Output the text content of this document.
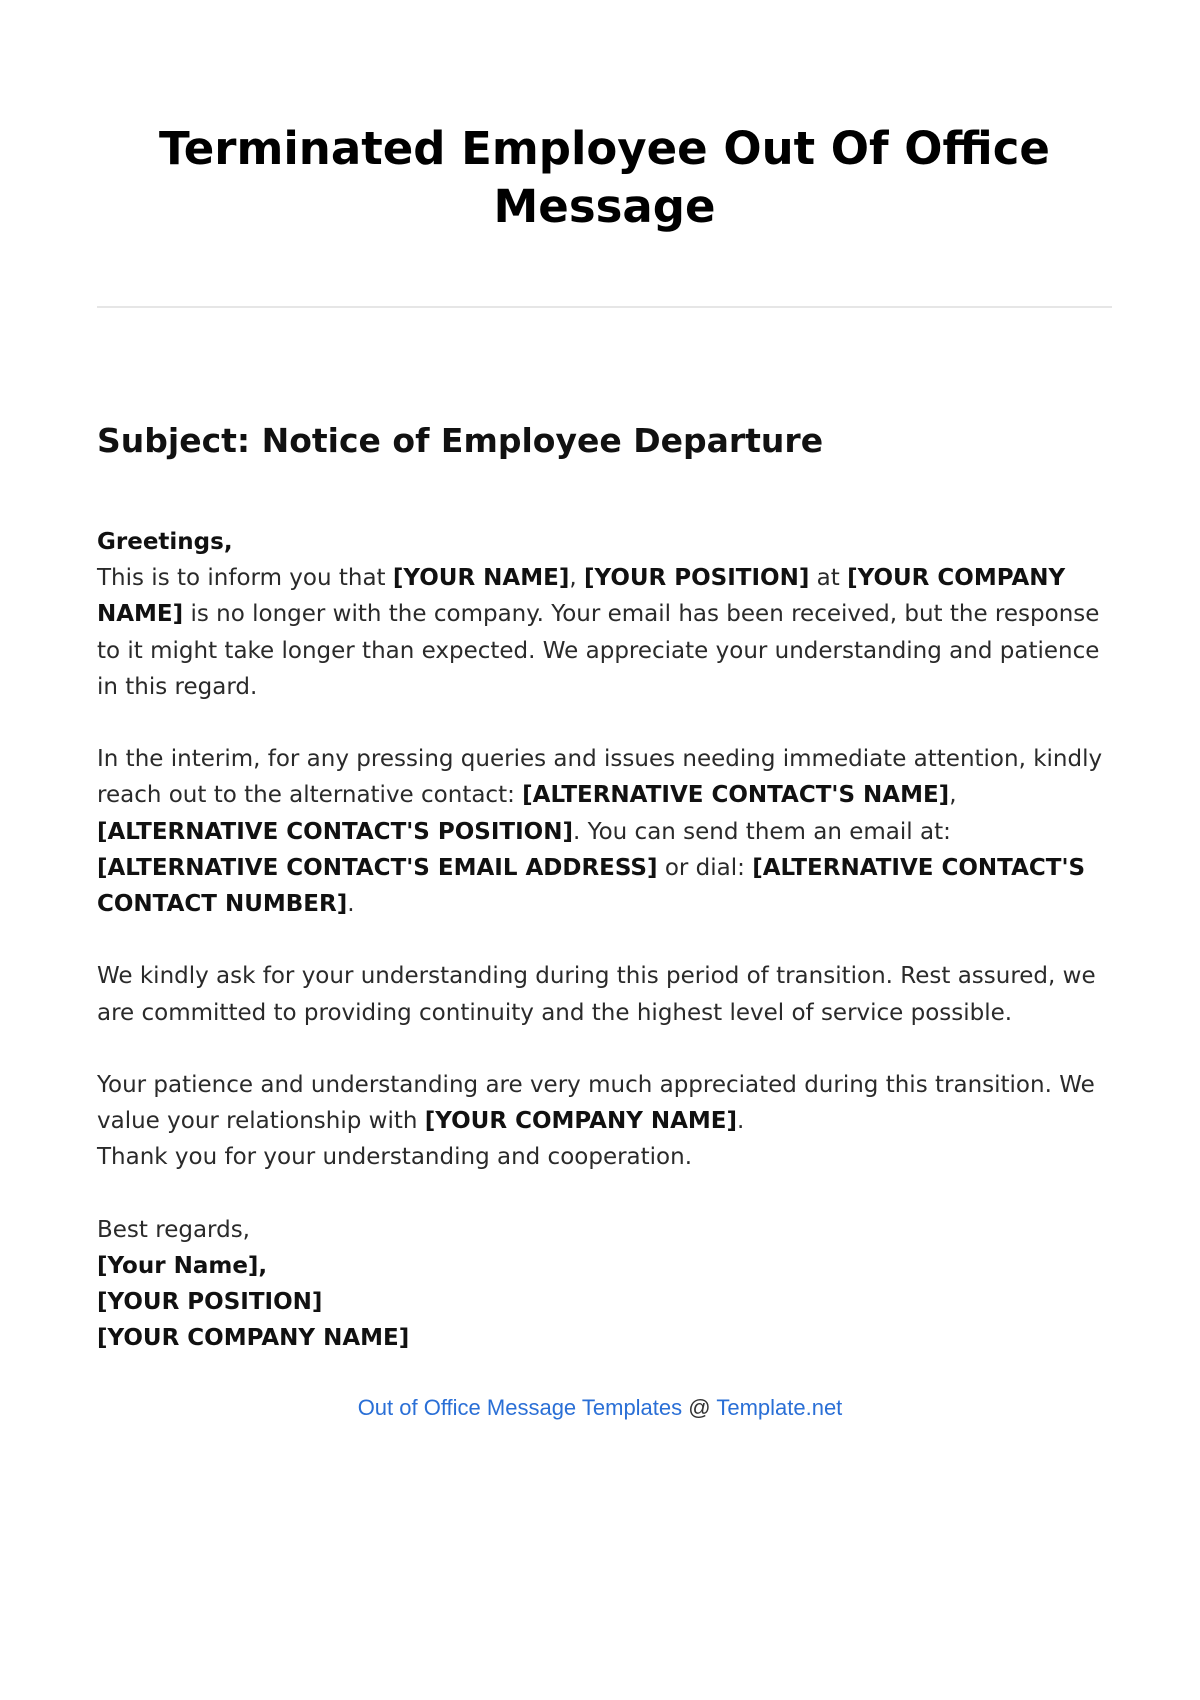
Terminated Employee Out Of Office Message
Subject: Notice of Employee Departure

Greetings,
This is to inform you that [YOUR NAME], [YOUR POSITION] at [YOUR COMPANY NAME] is no longer with the company. Your email has been received, but the response to it might take longer than expected. We appreciate your understanding and patience in this regard.

In the interim, for any pressing queries and issues needing immediate attention, kindly reach out to the alternative contact: [ALTERNATIVE CONTACT'S NAME], [ALTERNATIVE CONTACT'S POSITION]. You can send them an email at: [ALTERNATIVE CONTACT'S EMAIL ADDRESS] or dial: [ALTERNATIVE CONTACT'S CONTACT NUMBER].

We kindly ask for your understanding during this period of transition. Rest assured, we are committed to providing continuity and the highest level of service possible.

Your patience and understanding are very much appreciated during this transition. We value your relationship with [YOUR COMPANY NAME].
Thank you for your understanding and cooperation.

Best regards,
[Your Name],
[YOUR POSITION]
[YOUR COMPANY NAME]

Out of Office Message Templates @ Template.net
